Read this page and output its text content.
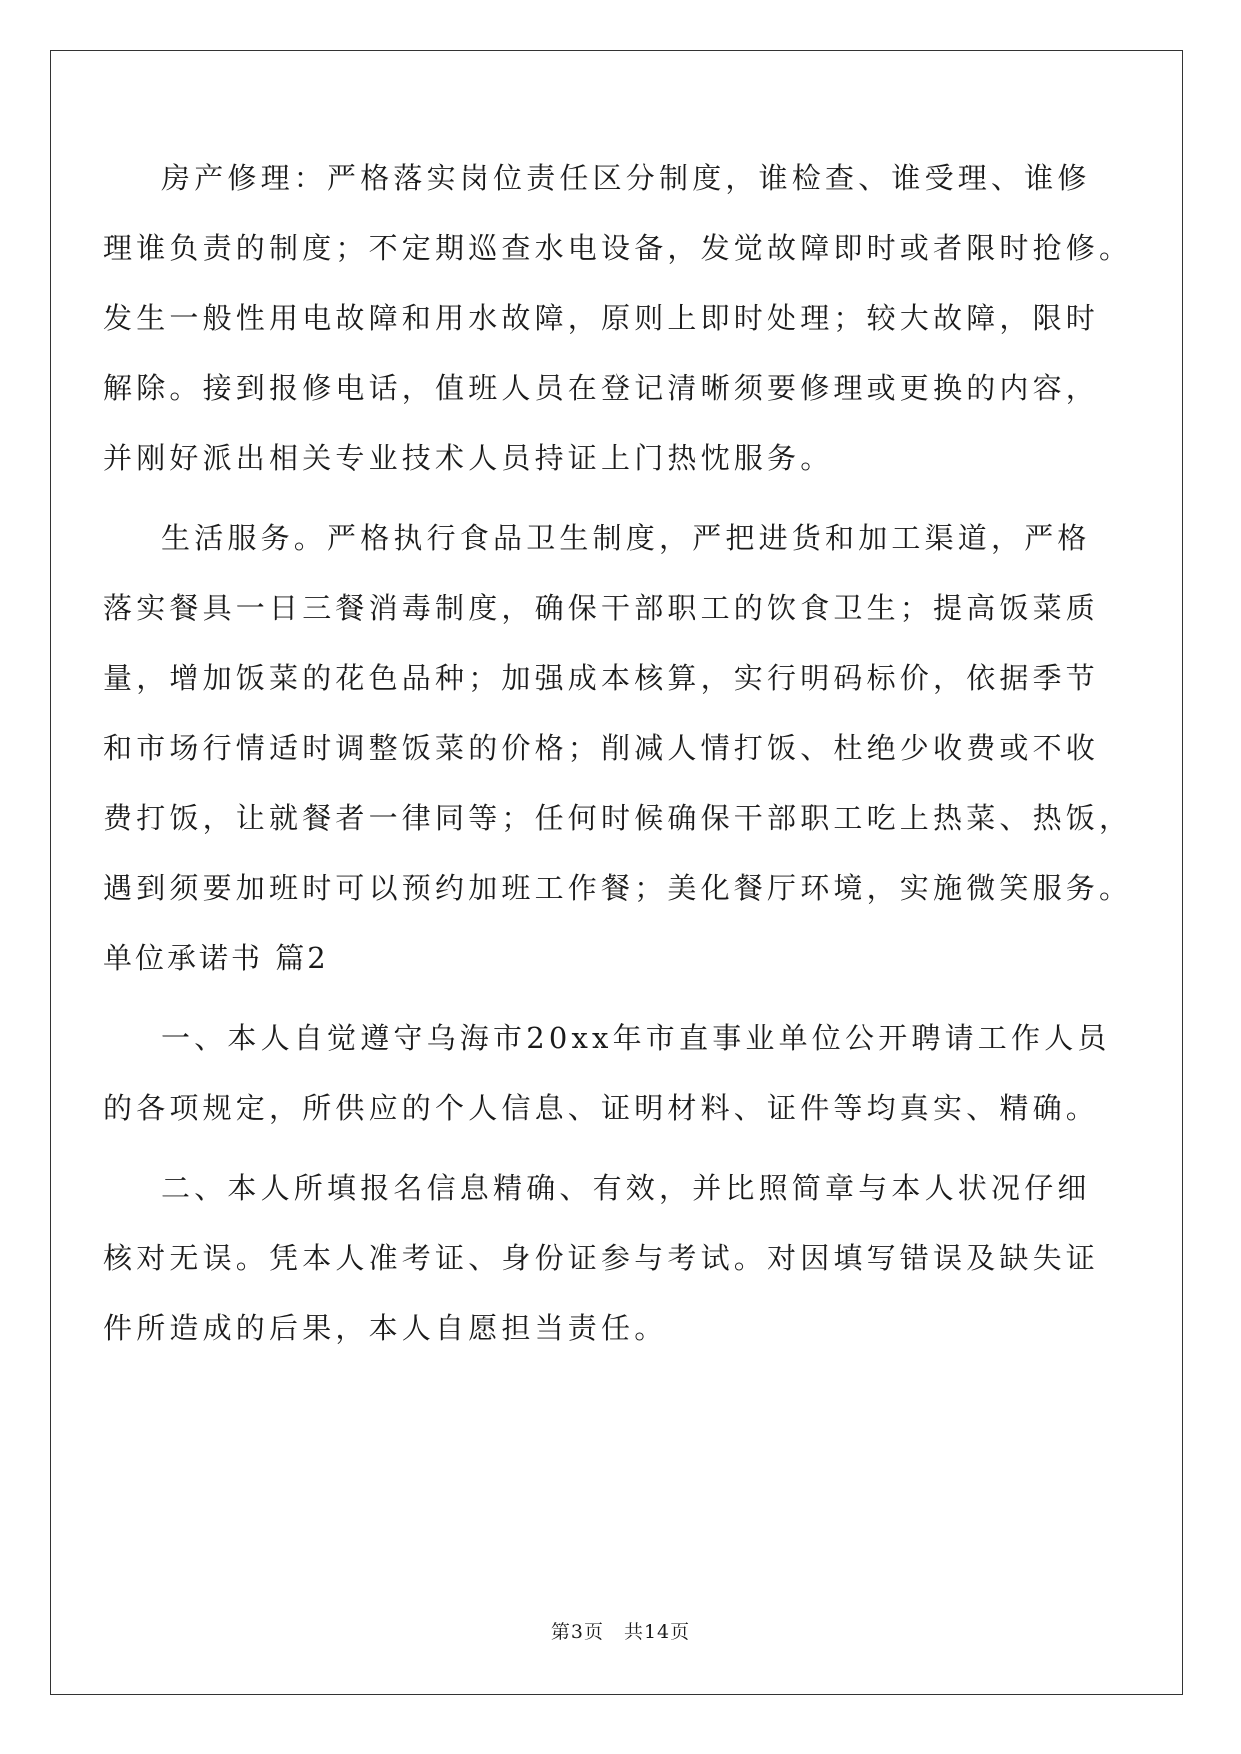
房产修理：严格落实岗位责任区分制度，谁检查、谁受理、谁修
理谁负责的制度；不定期巡查水电设备，发觉故障即时或者限时抢修。
发生一般性用电故障和用水故障，原则上即时处理；较大故障，限时
解除。接到报修电话，值班人员在登记清晰须要修理或更换的内容，
并刚好派出相关专业技术人员持证上门热忱服务。
生活服务。严格执行食品卫生制度，严把进货和加工渠道，严格
落实餐具一日三餐消毒制度，确保干部职工的饮食卫生；提高饭菜质
量，增加饭菜的花色品种；加强成本核算，实行明码标价，依据季节
和市场行情适时调整饭菜的价格；削减人情打饭、杜绝少收费或不收
费打饭，让就餐者一律同等；任何时候确保干部职工吃上热菜、热饭，
遇到须要加班时可以预约加班工作餐；美化餐厅环境，实施微笑服务。
单位承诺书 篇2
一、本人自觉遵守乌海市20xx年市直事业单位公开聘请工作人员
的各项规定，所供应的个人信息、证明材料、证件等均真实、精确。
二、本人所填报名信息精确、有效，并比照简章与本人状况仔细
核对无误。凭本人准考证、身份证参与考试。对因填写错误及缺失证
件所造成的后果，本人自愿担当责任。
第3页　共14页
